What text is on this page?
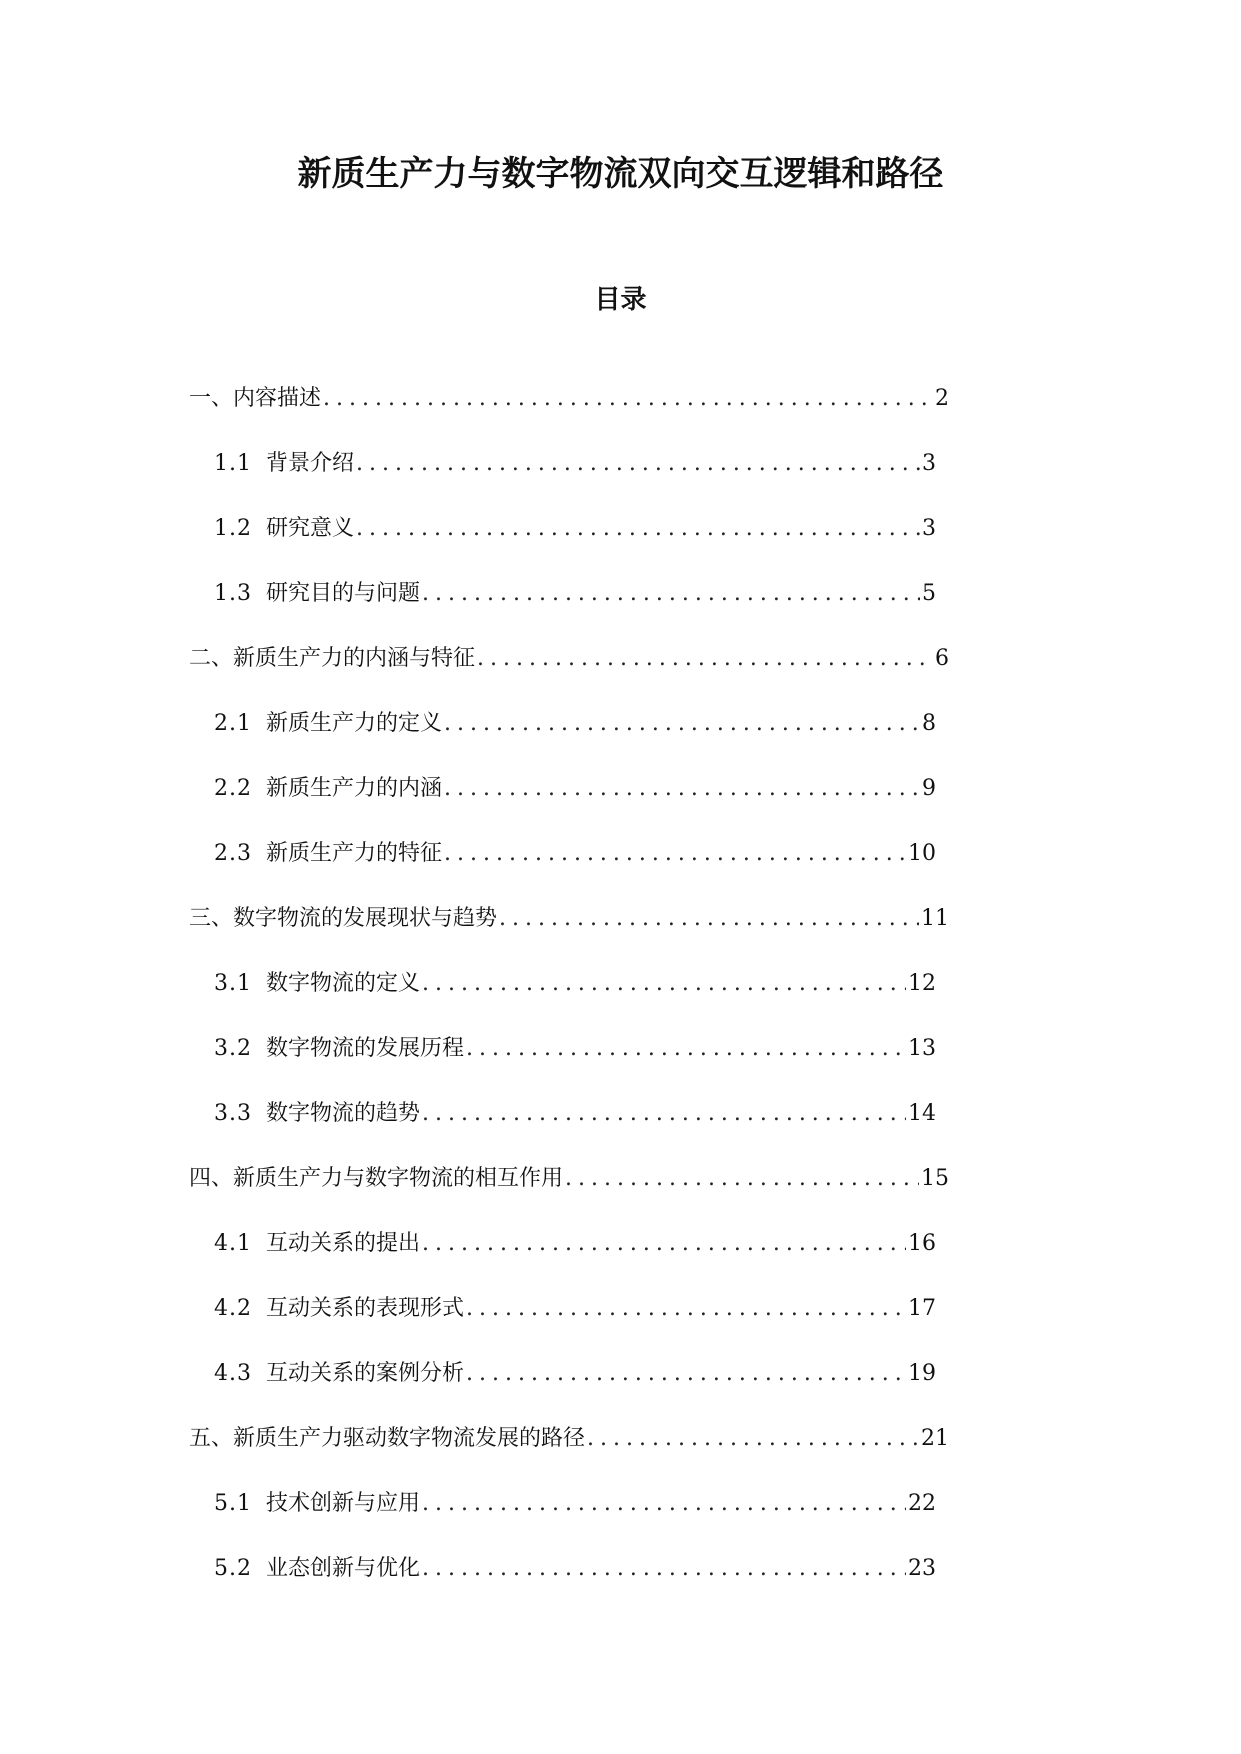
新质生产力与数字物流双向交互逻辑和路径
目录
一、内容描述 .....	2
1.1 背景介绍 .....	3
1.2 研究意义 .....	3
1.3 研究目的与问题 .....	5
二、新质生产力的内涵与特征 .....	6
2.1 新质生产力的定义 .....	8
2.2 新质生产力的内涵 .....	9
2.3 新质生产力的特征 .....	10
三、数字物流的发展现状与趋势 .....	11
3.1 数字物流的定义 .....	12
3.2 数字物流的发展历程 .....	13
3.3 数字物流的趋势 .....	14
四、新质生产力与数字物流的相互作用 .....	15
4.1 互动关系的提出 .....	16
4.2 互动关系的表现形式 .....	17
4.3 互动关系的案例分析 .....	19
五、新质生产力驱动数字物流发展的路径 .....	21
5.1 技术创新与应用 .....	22
5.2 业态创新与优化 .....	23
